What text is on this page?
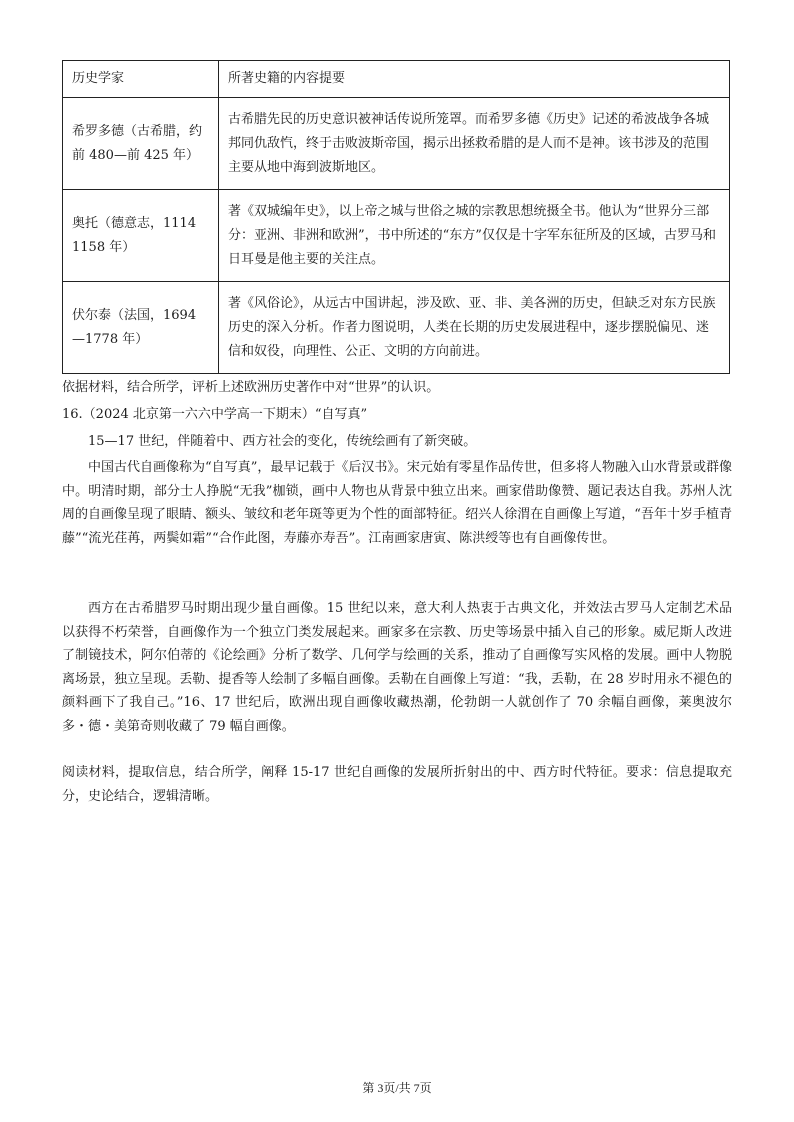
历史学家	所著史籍的内容提要
希罗多德（古希腊，约前 480—前 425 年）	古希腊先民的历史意识被神话传说所笼罩。而希罗多德《历史》记述的希波战争各城邦同仇敌忾，终于击败波斯帝国，揭示出拯救希腊的是人而不是神。该书涉及的范围主要从地中海到波斯地区。
奥托（德意志，1114 1158 年）	著《双城编年史》，以上帝之城与世俗之城的宗教思想统摄全书。他认为“世界分三部分：亚洲、非洲和欧洲”，书中所述的“东方”仅仅是十字军东征所及的区域，古罗马和日耳曼是他主要的关注点。
伏尔泰（法国，1694—1778 年）	著《风俗论》，从远古中国讲起，涉及欧、亚、非、美各洲的历史，但缺乏对东方民族历史的深入分析。作者力图说明，人类在长期的历史发展进程中，逐步摆脱偏见、迷信和奴役，向理性、公正、文明的方向前进。
依据材料，结合所学，评析上述欧洲历史著作中对“世界”的认识。
16.（2024 北京第一六六中学高一下期末）“自写真”
15—17 世纪，伴随着中、西方社会的变化，传统绘画有了新突破。
中国古代自画像称为“自写真”，最早记载于《后汉书》。宋元始有零星作品传世，但多将人物融入山水背景或群像中。明清时期，部分士人挣脱“无我”枷锁，画中人物也从背景中独立出来。画家借助像赞、题记表达自我。苏州人沈周的自画像呈现了眼睛、额头、皱纹和老年斑等更为个性的面部特征。绍兴人徐渭在自画像上写道，“吾年十岁手植青藤”“流光荏苒，两鬓如霜”“合作此图，寿藤亦寿吾”。江南画家唐寅、陈洪绶等也有自画像传世。
西方在古希腊罗马时期出现少量自画像。15 世纪以来，意大利人热衷于古典文化，并效法古罗马人定制艺术品以获得不朽荣誉，自画像作为一个独立门类发展起来。画家多在宗教、历史等场景中插入自己的形象。威尼斯人改进了制镜技术，阿尔伯蒂的《论绘画》分析了数学、几何学与绘画的关系，推动了自画像写实风格的发展。画中人物脱离场景，独立呈现。丢勒、提香等人绘制了多幅自画像。丢勒在自画像上写道：“我，丢勒，在 28 岁时用永不褪色的颜料画下了我自己。”16、17 世纪后，欧洲出现自画像收藏热潮，伦勃朗一人就创作了 70 余幅自画像，莱奥波尔多・德・美第奇则收藏了 79 幅自画像。
阅读材料，提取信息，结合所学，阐释 15-17 世纪自画像的发展所折射出的中、西方时代特征。要求：信息提取充分，史论结合，逻辑清晰。
第 3页/共 7页
